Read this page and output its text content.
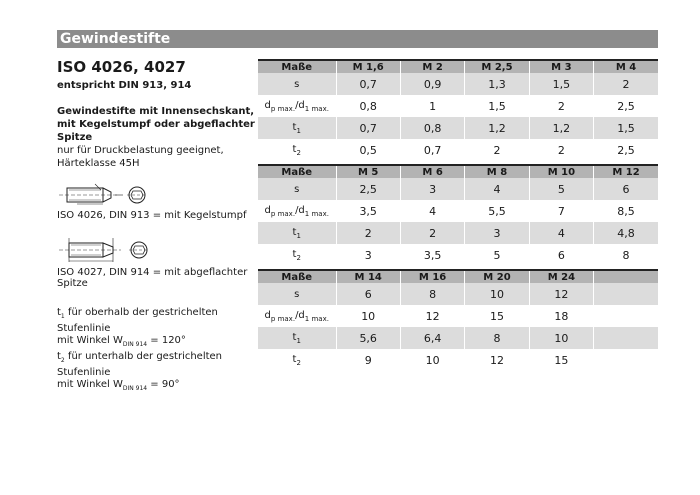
Gewindestifte
ISO 4026, 4027
entspricht DIN 913, 914
Gewindestifte mit Innensechskant,
mit Kegelstumpf oder abgeflachter Spitze
nur für Druckbelastung geeignet,
Härteklasse 45H
ISO 4026, DIN 913 = mit Kegelstumpf
ISO 4027, DIN 914 = mit abgeflachter Spitze
$t_1$ für oberhalb der gestrichelten Stufenlinie
mit Winkel $W_{DIN 914} = 120^\circ$
$t_2$ für unterhalb der gestrichelten Stufenlinie
mit Winkel $W_{DIN 914} = 90^\circ$
Maße	M 1,6	M 2	M 2,5	M 3	M 4
s	0,7	0,9	1,3	1,5	2
$d_{p max.}/d_{1 max.}$	0,8	1	1,5	2	2,5
$t_1$	0,7	0,8	1,2	1,2	1,5
$t_2$	0,5	0,7	2	2	2,5
Maße	M 5	M 6	M 8	M 10	M 12
s	2,5	3	4	5	6
$d_{p max.}/d_{1 max.}$	3,5	4	5,5	7	8,5
$t_1$	2	2	3	4	4,8
$t_2$	3	3,5	5	6	8
Maße	M 14	M 16	M 20	M 24	
s	6	8	10	12	
$d_{p max.}/d_{1 max.}$	10	12	15	18	
$t_1$	5,6	6,4	8	10	
$t_2$	9	10	12	15	
